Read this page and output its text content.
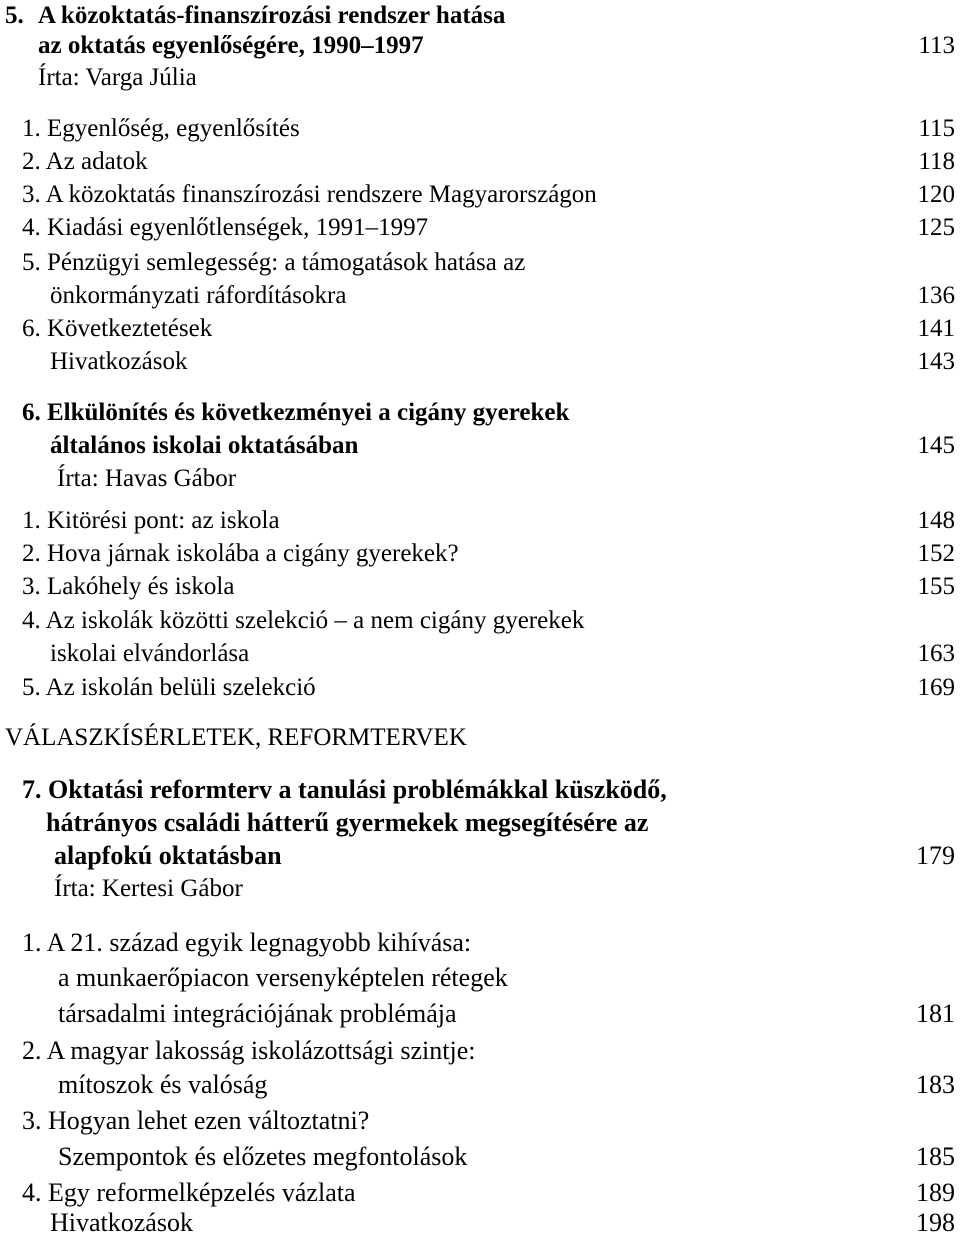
5. A közoktatás-finanszírozási rendszer hatása
az oktatás egyenlőségére, 1990–1997	113
Írta: Varga Júlia
1. Egyenlőség, egyenlősítés	115
2. Az adatok	118
3. A közoktatás finanszírozási rendszere Magyarországon	120
4. Kiadási egyenlőtlenségek, 1991–1997	125
5. Pénzügyi semlegesség: a támogatások hatása az
önkormányzati ráfordításokra	136
6. Következtetések	141
Hivatkozások	143
6. Elkülönítés és következményei a cigány gyerekek
általános iskolai oktatásában	145
Írta: Havas Gábor
1. Kitörési pont: az iskola	148
2. Hova járnak iskolába a cigány gyerekek?	152
3. Lakóhely és iskola	155
4. Az iskolák közötti szelekció – a nem cigány gyerekek
iskolai elvándorlása	163
5. Az iskolán belüli szelekció	169
VÁLASZKÍSÉRLETEK, REFORMTERVEK
7. Oktatási reformterv a tanulási problémákkal küszködő,
hátrányos családi hátterű gyermekek megsegítésére az
alapfokú oktatásban	179
Írta: Kertesi Gábor
1. A 21. század egyik legnagyobb kihívása:
a munkaerőpiacon versenyképtelen rétegek
társadalmi integrációjának problémája	181
2. A magyar lakosság iskolázottsági szintje:
mítoszok és valóság	183
3. Hogyan lehet ezen változtatni?
Szempontok és előzetes megfontolások	185
4. Egy reformelképzelés vázlata	189
Hivatkozások	198
